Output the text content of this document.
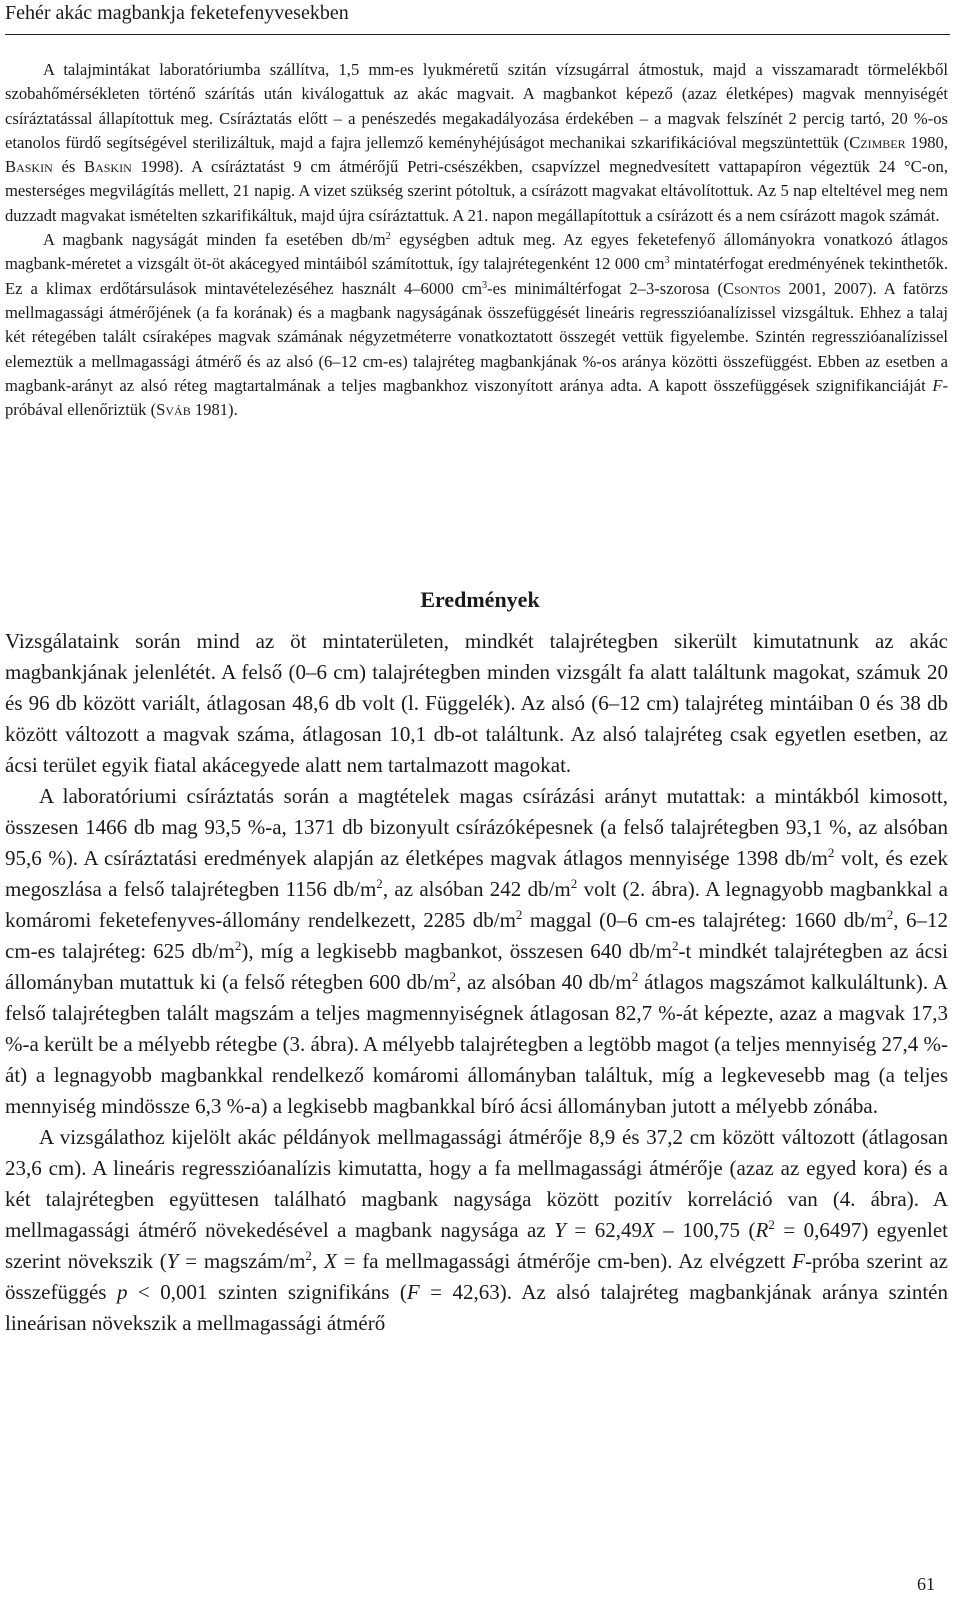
Fehér akác magbankja feketefenyvesekben

A talajmintákat laboratóriumba szállítva, 1,5 mm-es lyukméretű szitán vízsugárral átmostuk, majd a visszamaradt törmelékből szobahőmérsékleten történő szárítás után kiválogattuk az akác magvait. A magbankot képező (azaz életképes) magvak mennyiségét csíráztatással állapítottuk meg. Csíráztatás előtt – a penészedés megakadályozása érdekében – a magvak felszínét 2 percig tartó, 20 %-os etanolos fürdő segítségével sterilizáltuk, majd a fajra jellemző keményhéjúságot mechanikai szkarifikációval megszüntettük (Czimber 1980, Baskin és Baskin 1998). A csíráztatást 9 cm átmérőjű Petri-csészékben, csapvízzel megnedvesített vattapapíron végeztük 24 °C-on, mesterséges megvilágítás mellett, 21 napig. A vizet szükség szerint pótoltuk, a csírázott magvakat eltávolítottuk. Az 5 nap elteltével meg nem duzzadt magvakat ismételten szkarifikáltuk, majd újra csíráztattuk. A 21. napon megállapítottuk a csírázott és a nem csírázott magok számát.

A magbank nagyságát minden fa esetében $db/m^2$ egységben adtuk meg. Az egyes feketefenyő állományokra vonatkozó átlagos magbank-méretet a vizsgált öt-öt akácegyed mintáiból számítottuk, így talajrétegenként 12 000 $cm^3$ mintatérfogat eredményének tekinthetők. Ez a klimax erdőtársulások mintavételezéséhez használt 4–6000 $cm^3-es$ minimáltérfogat 2–3-szorosa (Csontos 2001, 2007). A fatörzs mellmagassági átmérőjének (a fa korának) és a magbank nagyságának összefüggését lineáris regresszióanalízissel vizsgáltuk. Ehhez a talaj két rétegében talált csíraképes magvak számának négyzetméterre vonatkoztatott összegét vettük figyelembe. Szintén regresszióanalízissel elemeztük a mellmagassági átmérő és az alsó (6–12 cm-es) talajréteg magbankjának %-os aránya közötti összefüggést. Ebben az esetben a magbank-arányt az alsó réteg magtartalmának a teljes magbankhoz viszonyított aránya adta. A kapott összefüggések szignifikanciáját F-próbával ellenőriztük (Sváb 1981).

Eredmények

Vizsgálataink során mind az öt mintaterületen, mindkét talajrétegben sikerült kimutatnunk az akác magbankjának jelenlétét. A felső (0–6 cm) talajrétegben minden vizsgált fa alatt találtunk magokat, számuk 20 és 96 db között variált, átlagosan 48,6 db volt (l. Függelék). Az alsó (6–12 cm) talajréteg mintáiban 0 és 38 db között változott a magvak száma, átlagosan 10,1 db-ot találtunk. Az alsó talajréteg csak egyetlen esetben, az ácsi terület egyik fiatal akácegyede alatt nem tartalmazott magokat.

A laboratóriumi csíráztatás során a magtételek magas csírázási arányt mutattak: a mintákból kimosott, összesen 1466 db mag 93,5 %-a, 1371 db bizonyult csírázóképesnek (a felső talajrétegben 93,1 %, az alsóban 95,6 %). A csíráztatási eredmények alapján az életképes magvak átlagos mennyisége 1398 $db/m^2$ volt, és ezek megoszlása a felső talajrétegben 1156 $db/m^2$, az alsóban 242 $db/m^2$ volt (2. ábra). A legnagyobb magbankkal a komáromi feketefenyves-állomány rendelkezett, 2285 $db/m^2$ maggal (0–6 cm-es talajréteg: 1660 $db/m^2$, 6–12 cm-es talajréteg: 625 $db/m^2$), míg a legkisebb magbankot, összesen 640 $db/m^2-t$ mindkét talajrétegben az ácsi állományban mutattuk ki (a felső rétegben 600 $db/m^2$, az alsóban 40 $db/m^2$ átlagos magszámot kalkuláltunk). A felső talajrétegben talált magszám a teljes magmennyiségnek átlagosan 82,7 %-át képezte, azaz a magvak 17,3 %-a került be a mélyebb rétegbe (3. ábra). A mélyebb talajrétegben a legtöbb magot (a teljes mennyiség 27,4 %-át) a legnagyobb magbankkal rendelkező komáromi állományban találtuk, míg a legkevesebb mag (a teljes mennyiség mindössze 6,3 %-a) a legkisebb magbankkal bíró ácsi állományban jutott a mélyebb zónába.

A vizsgálathoz kijelölt akác példányok mellmagassági átmérője 8,9 és 37,2 cm között változott (átlagosan 23,6 cm). A lineáris regresszióanalízis kimutatta, hogy a fa mellmagassági átmérője (azaz az egyed kora) és a két talajrétegben együttesen található magbank nagysága között pozitív korreláció van (4. ábra). A mellmagassági átmérő növekedésével a magbank nagysága az Y = 62,49X – 100,75 $(R^2 = 0,6497)$ egyenlet szerint növekszik (Y = magszám/$m^2$, X = fa mellmagassági átmérője cm-ben). Az elvégzett F-próba szerint az összefüggés p < 0,001 szinten szignifikáns (F = 42,63). Az alsó talajréteg magbankjának aránya szintén lineárisan növekszik a mellmagassági átmérő

61
